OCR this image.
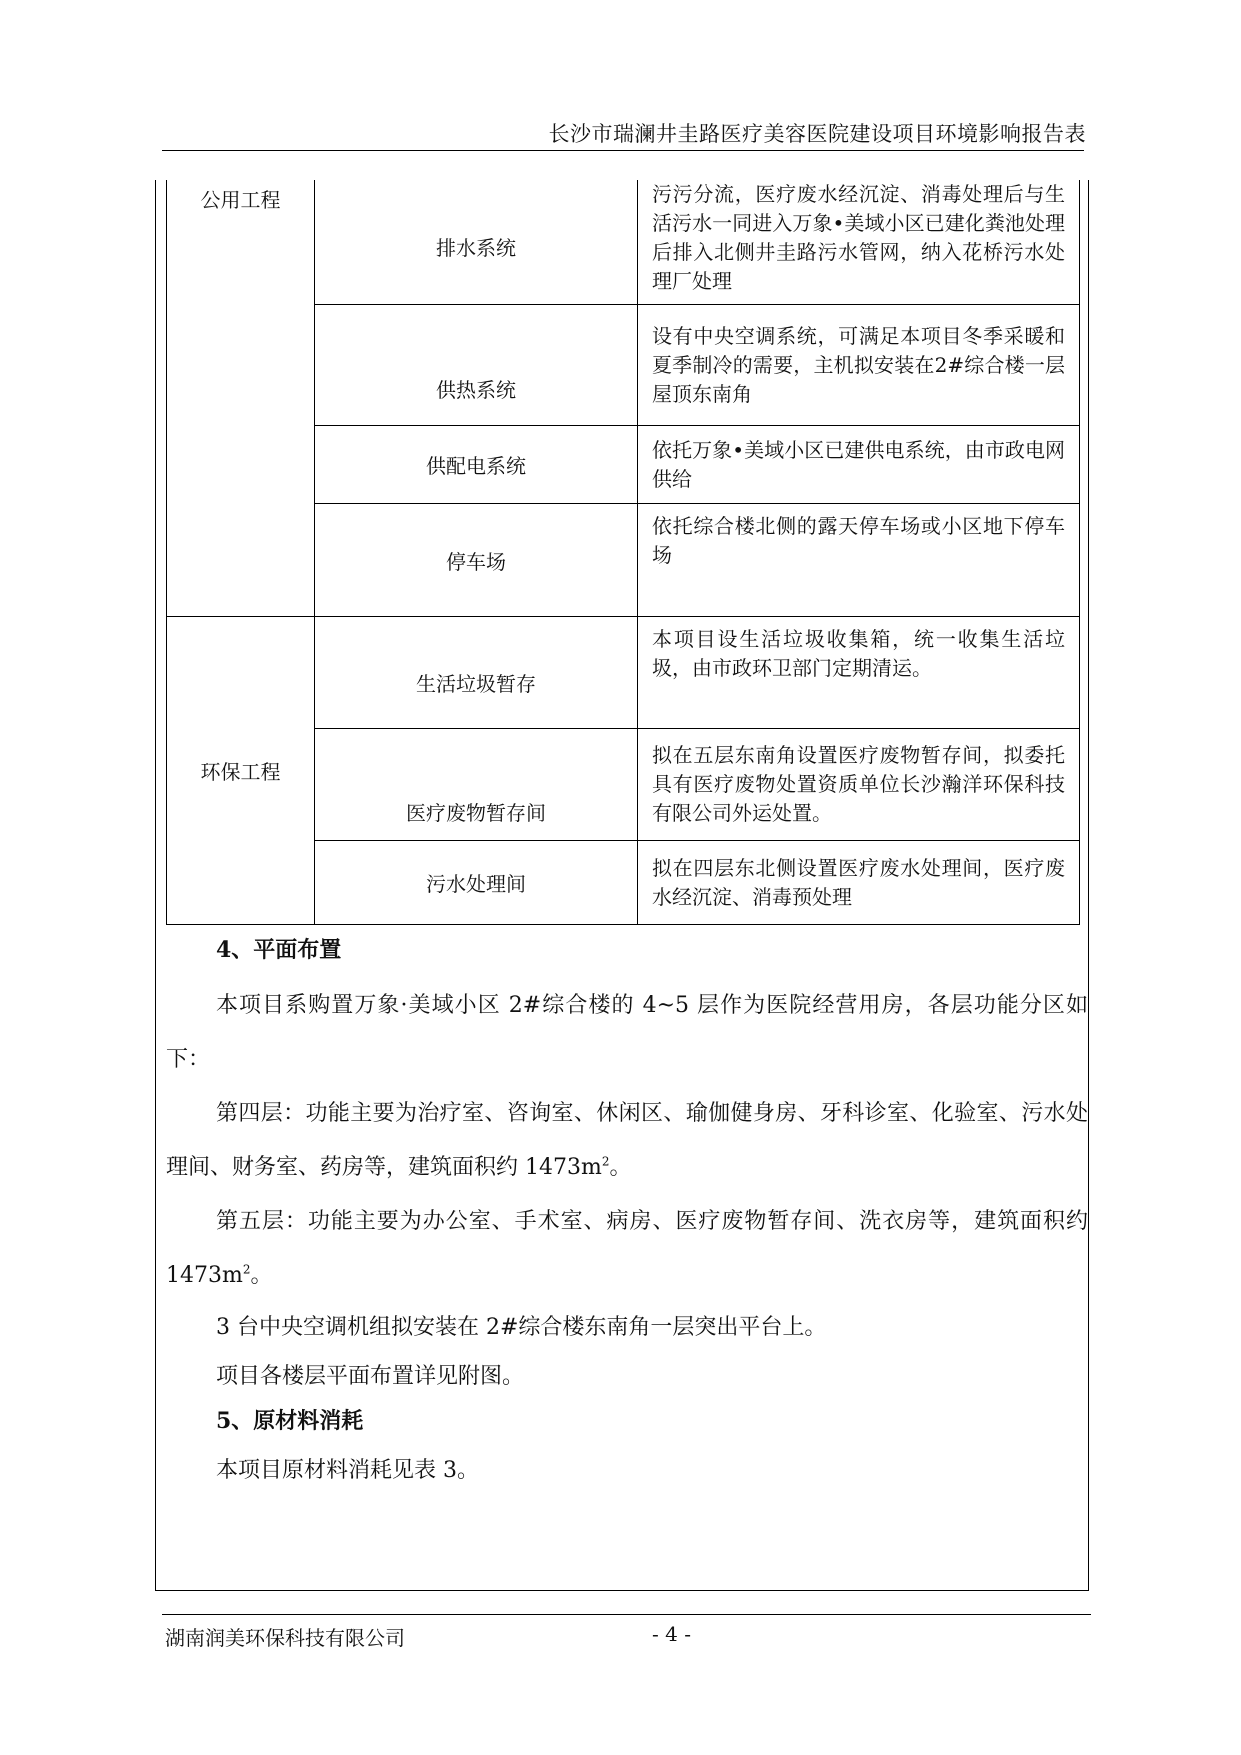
长沙市瑞澜井圭路医疗美容医院建设项目环境影响报告表
公用工程	排水系统	污污分流，医疗废水经沉淀、消毒处理后与生活污水一同进入万象•美域小区已建化粪池处理后排入北侧井圭路污水管网，纳入花桥污水处理厂处理
	供热系统	设有中央空调系统，可满足本项目冬季采暖和夏季制冷的需要，主机拟安装在2#综合楼一层屋顶东南角
	供配电系统	依托万象•美域小区已建供电系统，由市政电网供给
	停车场	依托综合楼北侧的露天停车场或小区地下停车场
环保工程	生活垃圾暂存	本项目设生活垃圾收集箱，统一收集生活垃圾，由市政环卫部门定期清运。
	医疗废物暂存间	拟在五层东南角设置医疗废物暂存间，拟委托具有医疗废物处置资质单位长沙瀚洋环保科技有限公司外运处置。
	污水处理间	拟在四层东北侧设置医疗废水处理间，医疗废水经沉淀、消毒预处理
4、平面布置
本项目系购置万象·美域小区 2#综合楼的 4~5 层作为医院经营用房，各层功能分区如下：
第四层：功能主要为治疗室、咨询室、休闲区、瑜伽健身房、牙科诊室、化验室、污水处理间、财务室、药房等，建筑面积约 $1473m^2$。
第五层：功能主要为办公室、手术室、病房、医疗废物暂存间、洗衣房等，建筑面积约 $1473m^2$。
3 台中央空调机组拟安装在 2#综合楼东南角一层突出平台上。
项目各楼层平面布置详见附图。
5、原材料消耗
本项目原材料消耗见表 3。
湖南润美环保科技有限公司	- 4 -
